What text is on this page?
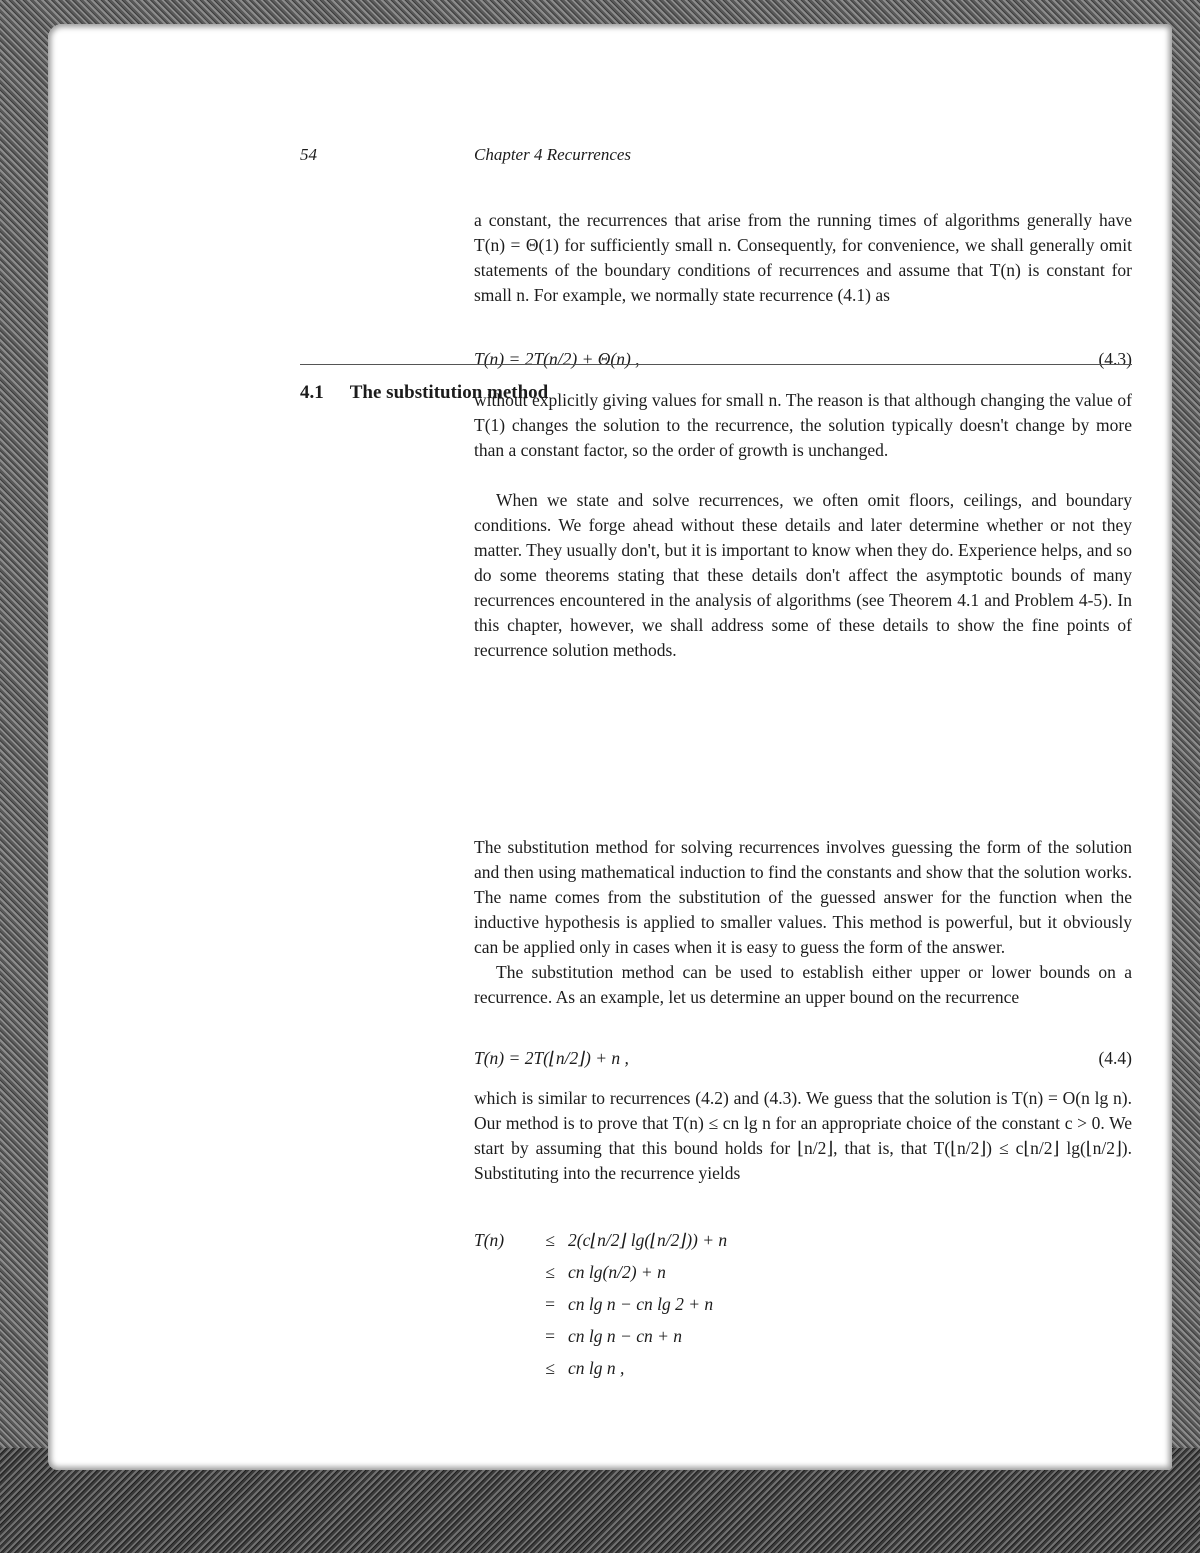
54	Chapter 4 Recurrences

a constant, the recurrences that arise from the running times of algorithms generally have T(n) = Θ(1) for sufficiently small n. Consequently, for convenience, we shall generally omit statements of the boundary conditions of recurrences and assume that T(n) is constant for small n. For example, we normally state recurrence (4.1) as

T(n) = 2T(n/2) + Θ(n) ,	(4.3)

without explicitly giving values for small n. The reason is that although changing the value of T(1) changes the solution to the recurrence, the solution typically doesn't change by more than a constant factor, so the order of growth is unchanged.

When we state and solve recurrences, we often omit floors, ceilings, and boundary conditions. We forge ahead without these details and later determine whether or not they matter. They usually don't, but it is important to know when they do. Experience helps, and so do some theorems stating that these details don't affect the asymptotic bounds of many recurrences encountered in the analysis of algorithms (see Theorem 4.1 and Problem 4-5). In this chapter, however, we shall address some of these details to show the fine points of recurrence solution methods.

4.1 The substitution method

The substitution method for solving recurrences involves guessing the form of the solution and then using mathematical induction to find the constants and show that the solution works. The name comes from the substitution of the guessed answer for the function when the inductive hypothesis is applied to smaller values. This method is powerful, but it obviously can be applied only in cases when it is easy to guess the form of the answer.

The substitution method can be used to establish either upper or lower bounds on a recurrence. As an example, let us determine an upper bound on the recurrence

T(n) = 2T(⌊n/2⌋) + n ,	(4.4)

which is similar to recurrences (4.2) and (4.3). We guess that the solution is T(n) = O(n lg n). Our method is to prove that T(n) ≤ cn lg n for an appropriate choice of the constant c > 0. We start by assuming that this bound holds for ⌊n/2⌋, that is, that T(⌊n/2⌋) ≤ c⌊n/2⌋ lg(⌊n/2⌋). Substituting into the recurrence yields

T(n)	≤ 2(c⌊n/2⌋ lg(⌊n/2⌋)) + n
≤ cn lg(n/2) + n
= cn lg n − cn lg 2 + n
= cn lg n − cn + n
≤ cn lg n ,
